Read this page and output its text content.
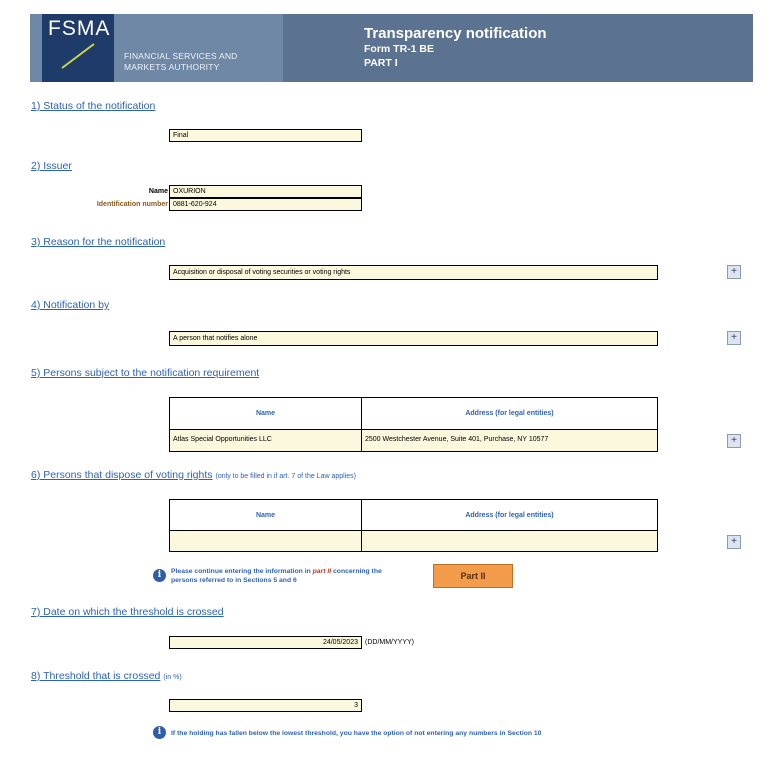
FSMA
FINANCIAL SERVICES AND
MARKETS AUTHORITY
Transparency notification
Form TR-1 BE
PART I
1) Status of the notification
Final
2) Issuer
Name OXURION
Identification number 0881-620-924
3) Reason for the notification
Acquisition or disposal of voting securities or voting rights	+
4) Notification by
A person that notifies alone	+
5) Persons subject to the notification requirement
Name	Address (for legal entities)
Atlas Special Opportunities LLC	2500 Westchester Avenue, Suite 401, Purchase, NY 10577	+
6) Persons that dispose of voting rights (only to be filled in if art. 7 of the Law applies)
Name	Address (for legal entities)
+
i	Please continue entering the information in part II concerning the
persons referred to in Sections 5 and 6	Part II
7) Date on which the threshold is crossed
24/05/2023	(DD/MM/YYYY)
8) Threshold that is crossed (in %)
3
i	If the holding has fallen below the lowest threshold, you have the option of not entering any numbers in Section 10
